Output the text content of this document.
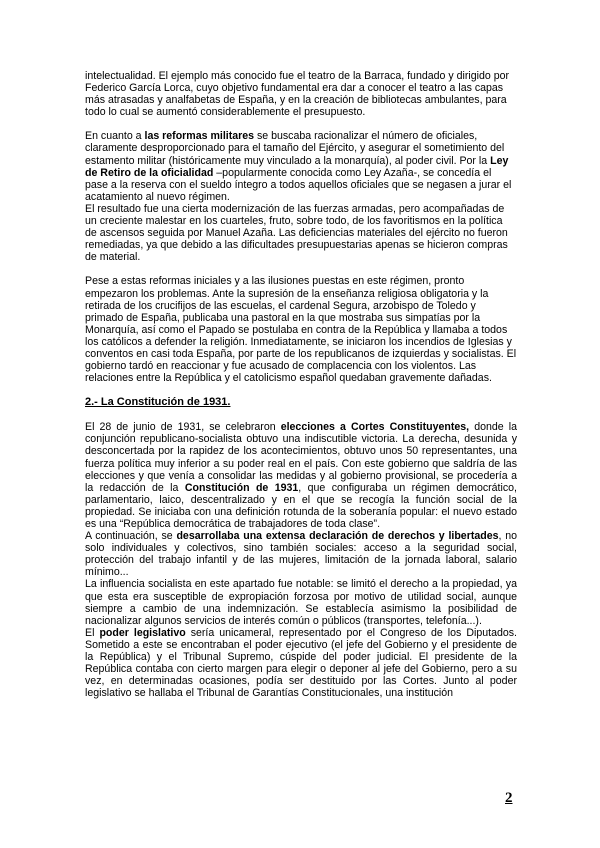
intelectualidad. El ejemplo más conocido fue el teatro de la Barraca, fundado y dirigido por Federico García Lorca, cuyo objetivo fundamental era dar a conocer el teatro a las capas más atrasadas y analfabetas de España, y en la creación de bibliotecas ambulantes, para todo lo cual se aumentó considerablemente el presupuesto.

En cuanto a las reformas militares se buscaba racionalizar el número de oficiales, claramente desproporcionado para el tamaño del Ejército, y asegurar el sometimiento del estamento militar (históricamente muy vinculado a la monarquía), al poder civil. Por la Ley de Retiro de la oficialidad –popularmente conocida como Ley Azaña-, se concedía el pase a la reserva con el sueldo íntegro a todos aquellos oficiales que se negasen a jurar el acatamiento al nuevo régimen.

El resultado fue una cierta modernización de las fuerzas armadas, pero acompañadas de un creciente malestar en los cuarteles, fruto, sobre todo, de los favoritismos en la política de ascensos seguida por Manuel Azaña. Las deficiencias materiales del ejército no fueron remediadas, ya que debido a las dificultades presupuestarias apenas se hicieron compras de material.

Pese a estas reformas iniciales y a las ilusiones puestas en este régimen, pronto empezaron los problemas. Ante la supresión de la enseñanza religiosa obligatoria y la retirada de los crucifijos de las escuelas, el cardenal Segura, arzobispo de Toledo y primado de España, publicaba una pastoral en la que mostraba sus simpatías por la Monarquía, así como el Papado se postulaba en contra de la República y llamaba a todos los católicos a defender la religión. Inmediatamente, se iniciaron los incendios de Iglesias y conventos en casi toda España, por parte de los republicanos de izquierdas y socialistas. El gobierno tardó en reaccionar y fue acusado de complacencia con los violentos. Las relaciones entre la República y el catolicismo español quedaban gravemente dañadas.

2.- La Constitución de 1931.

El 28 de junio de 1931, se celebraron elecciones a Cortes Constituyentes, donde la conjunción republicano-socialista obtuvo una indiscutible victoria. La derecha, desunida y desconcertada por la rapidez de los acontecimientos, obtuvo unos 50 representantes, una fuerza política muy inferior a su poder real en el país. Con este gobierno que saldría de las elecciones y que venía a consolidar las medidas y al gobierno provisional, se procedería a la redacción de la Constitución de 1931, que configuraba un régimen democrático, parlamentario, laico, descentralizado y en el que se recogía la función social de la propiedad. Se iniciaba con una definición rotunda de la soberanía popular: el nuevo estado es una “República democrática de trabajadores de toda clase”.

A continuación, se desarrollaba una extensa declaración de derechos y libertades, no solo individuales y colectivos, sino también sociales: acceso a la seguridad social, protección del trabajo infantil y de las mujeres, limitación de la jornada laboral, salario mínimo...

La influencia socialista en este apartado fue notable: se limitó el derecho a la propiedad, ya que esta era susceptible de expropiación forzosa por motivo de utilidad social, aunque siempre a cambio de una indemnización. Se establecía asimismo la posibilidad de nacionalizar algunos servicios de interés común o públicos (transportes, telefonía...).

El poder legislativo sería unicameral, representado por el Congreso de los Diputados. Sometido a este se encontraban el poder ejecutivo (el jefe del Gobierno y el presidente de la República) y el Tribunal Supremo, cúspide del poder judicial. El presidente de la República contaba con cierto margen para elegir o deponer al jefe del Gobierno, pero a su vez, en determinadas ocasiones, podía ser destituido por las Cortes. Junto al poder legislativo se hallaba el Tribunal de Garantías Constitucionales, una institución

2
